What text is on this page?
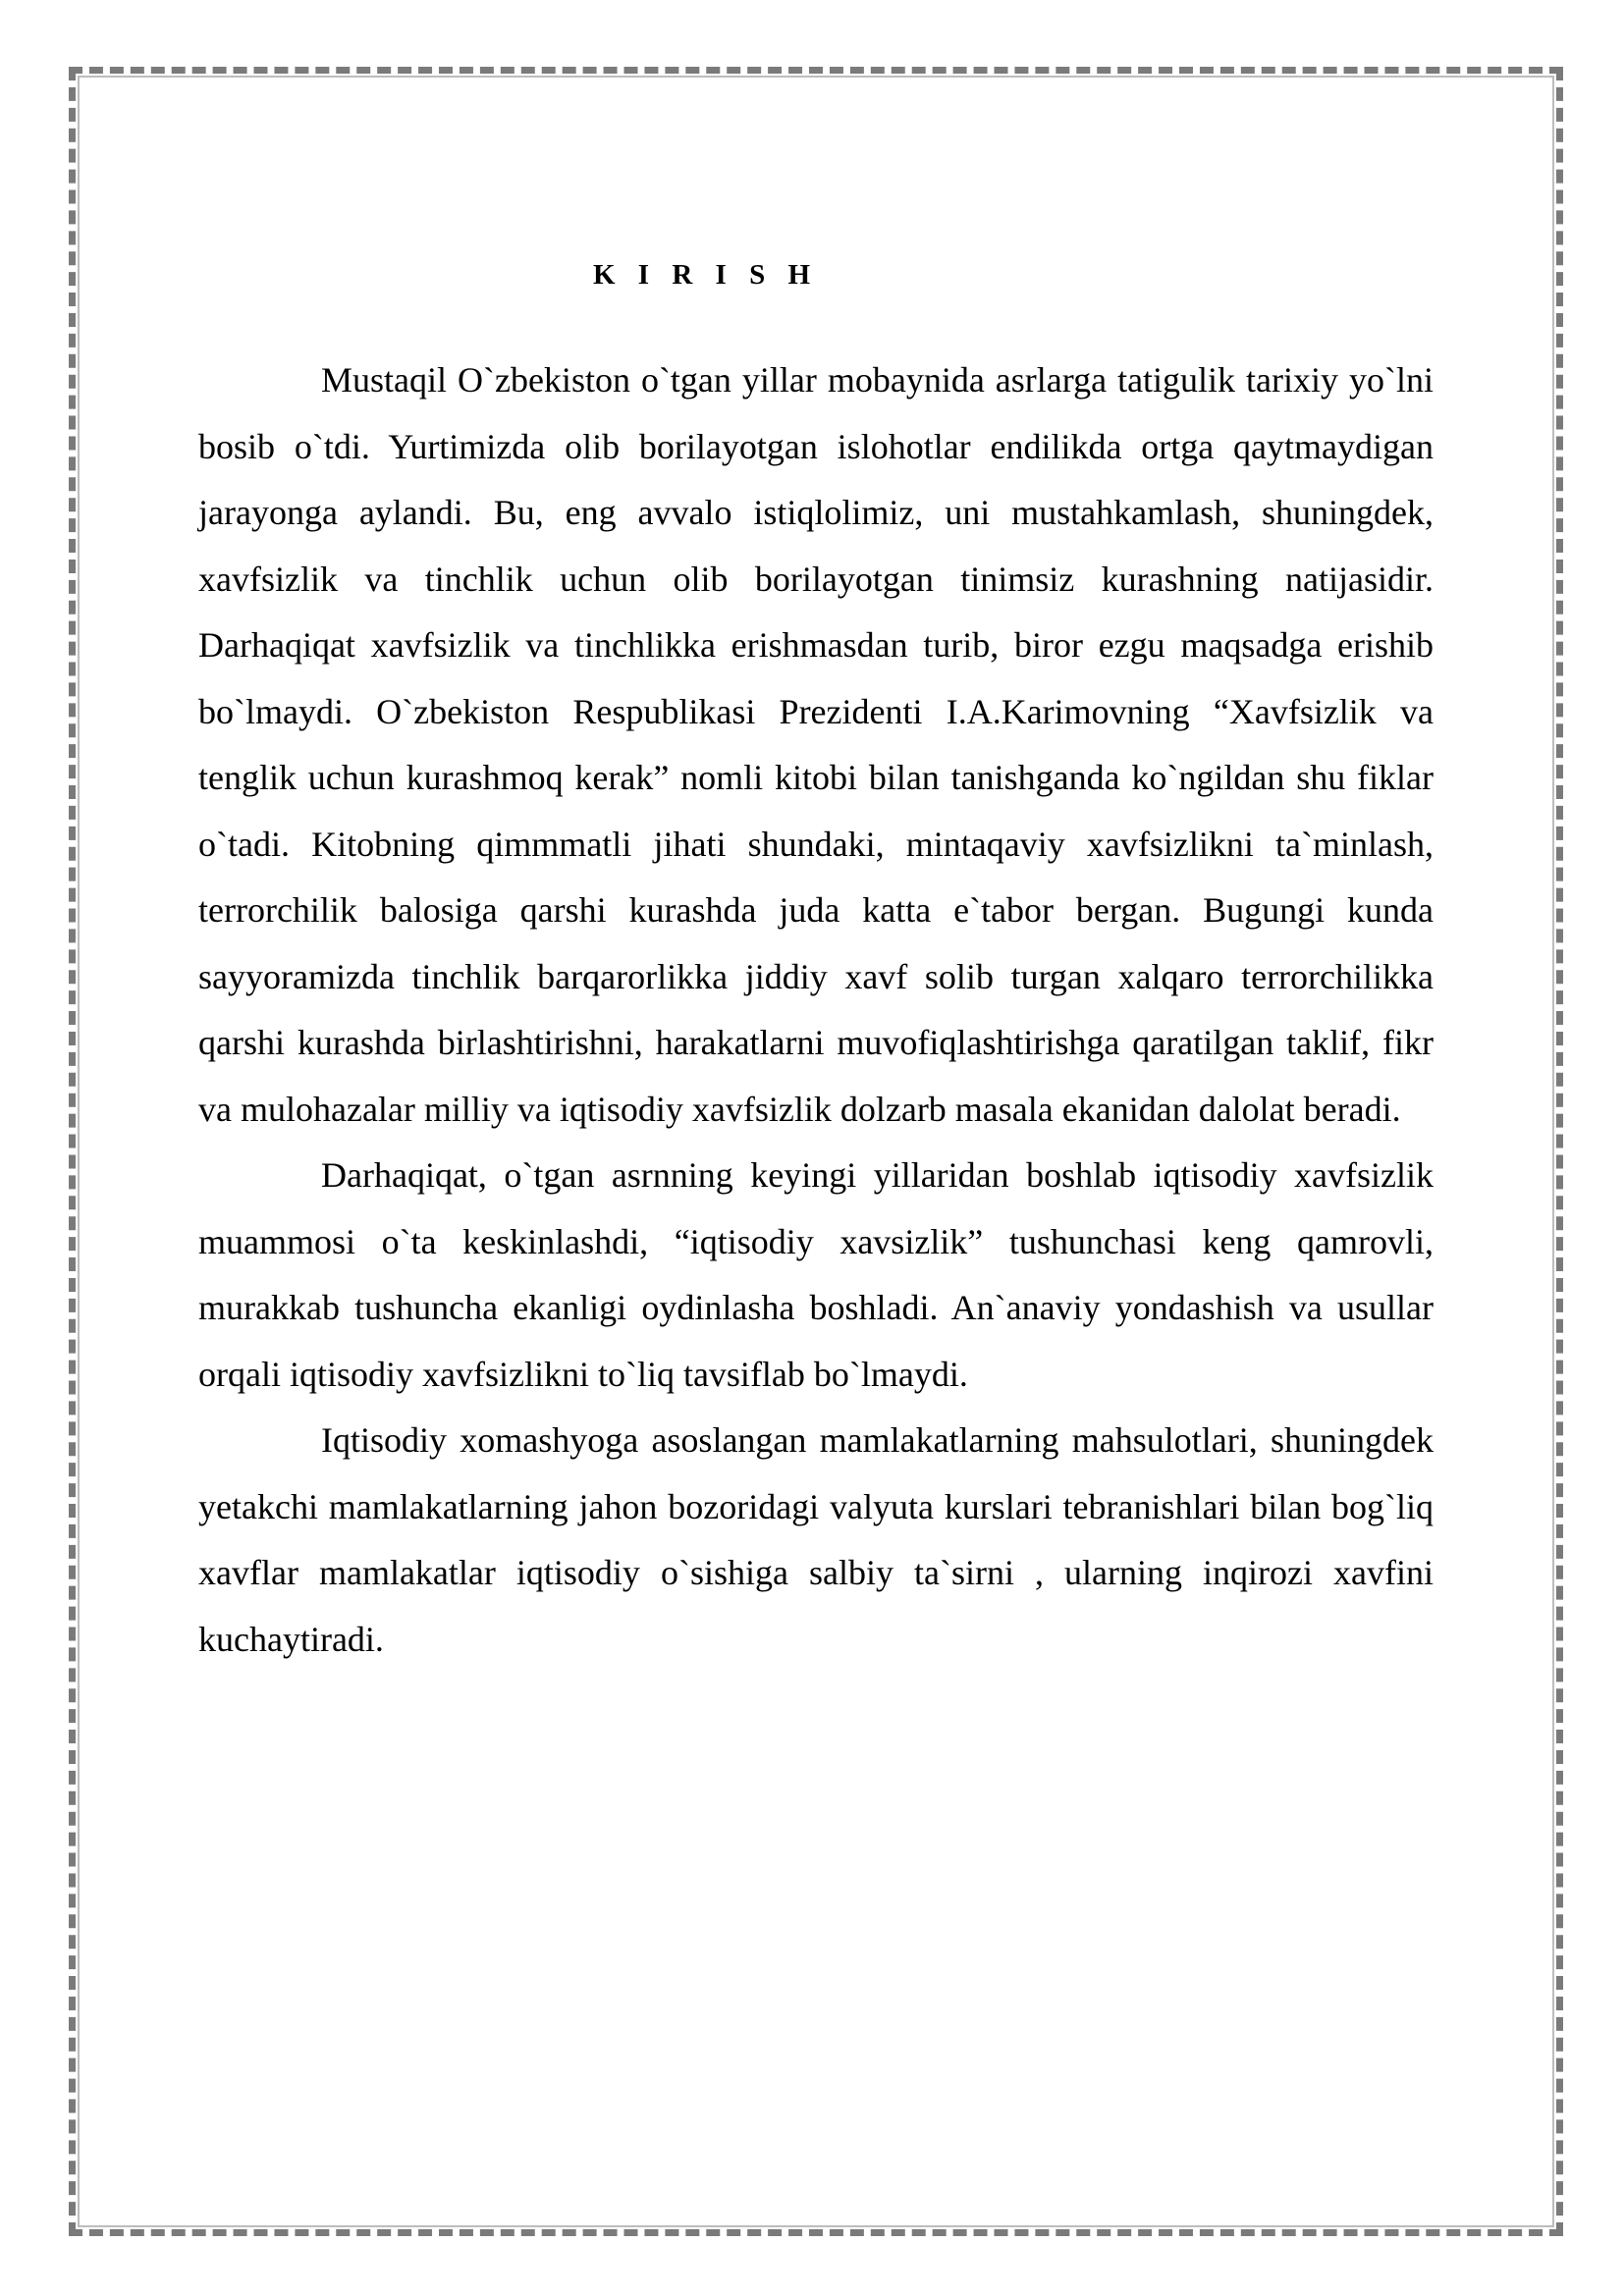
K I R I S H

Mustaqil O`zbekiston o`tgan yillar mobaynida asrlarga tatigulik tarixiy yo`lni bosib o`tdi. Yurtimizda olib borilayotgan islohotlar endilikda ortga qaytmaydigan jarayonga aylandi. Bu, eng avvalo istiqlolimiz, uni mustahkamlash, shuningdek, xavfsizlik va tinchlik uchun olib borilayotgan tinimsiz kurashning natijasidir. Darhaqiqat xavfsizlik va tinchlikka erishmasdan turib, biror ezgu maqsadga erishib bo`lmaydi. O`zbekiston Respublikasi Prezidenti I.A.Karimovning “Xavfsizlik va tenglik uchun kurashmoq kerak” nomli kitobi bilan tanishganda ko`ngildan shu fiklar o`tadi. Kitobning qimmmatli jihati shundaki, mintaqaviy xavfsizlikni ta`minlash, terrorchilik balosiga qarshi kurashda juda katta e`tabor bergan. Bugungi kunda sayyoramizda tinchlik barqarorlikka jiddiy xavf solib turgan xalqaro terrorchilikka qarshi kurashda birlashtirishni, harakatlarni muvofiqlashtirishga qaratilgan taklif, fikr va mulohazalar milliy va iqtisodiy xavfsizlik dolzarb masala ekanidan dalolat beradi.

Darhaqiqat, o`tgan asrnning keyingi yillaridan boshlab iqtisodiy xavfsizlik muammosi o`ta keskinlashdi, “iqtisodiy xavsizlik” tushunchasi keng qamrovli, murakkab tushuncha ekanligi oydinlasha boshladi. An`anaviy yondashish va usullar orqali iqtisodiy xavfsizlikni to`liq tavsiflab bo`lmaydi.

Iqtisodiy xomashyoga asoslangan mamlakatlarning mahsulotlari, shuningdek yetakchi mamlakatlarning jahon bozoridagi valyuta kurslari tebranishlari bilan bog`liq xavflar mamlakatlar iqtisodiy o`sishiga salbiy ta`sirni , ularning inqirozi xavfini kuchaytiradi.
